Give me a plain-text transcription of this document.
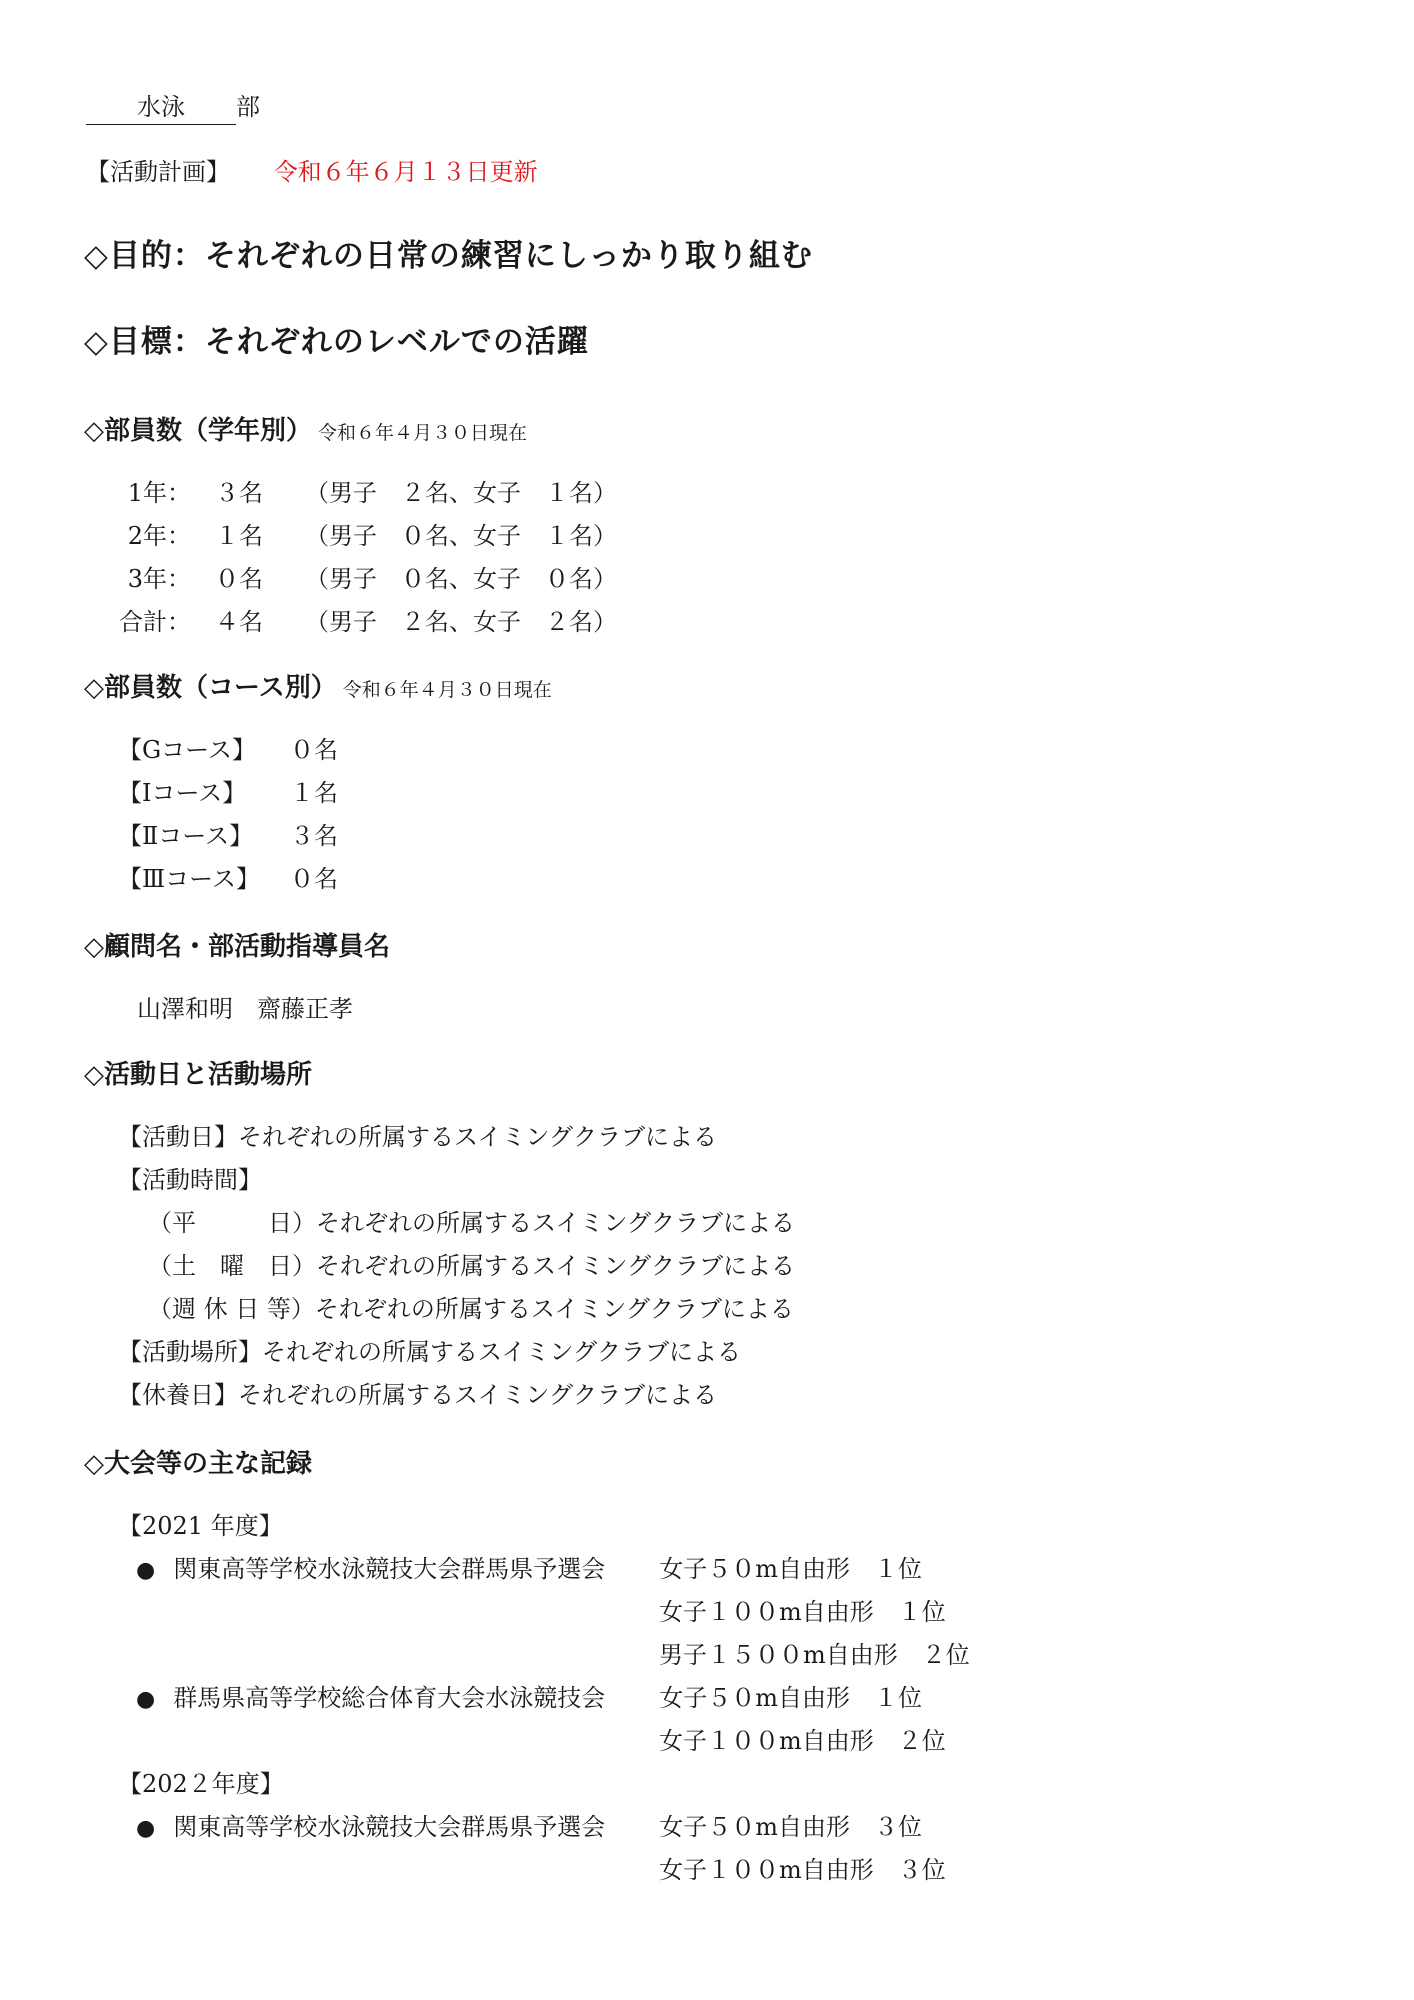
水泳 部
【活動計画】 令和６年６月１３日更新
◇目的：それぞれの日常の練習にしっかり取り組む
◇目標：それぞれのレベルでの活躍
◇部員数（学年別） 令和６年４月３０日現在
1年：	３名	（男子　２名、女子　１名）
2年：	１名	（男子　０名、女子　１名）
3年：	０名	（男子　０名、女子　０名）
合計：	４名	（男子　２名、女子　２名）
◇部員数（コース別） 令和６年４月３０日現在
【Gコース】	０名
【Ⅰコース】	１名
【Ⅱコース】	３名
【Ⅲコース】	０名
◇顧問名・部活動指導員名
山澤和明　齋藤正孝
◇活動日と活動場所
【活動日】それぞれの所属するスイミングクラブによる
【活動時間】
（平　　　日）それぞれの所属するスイミングクラブによる
（土　曜　日）それぞれの所属するスイミングクラブによる
（週 休 日 等）それぞれの所属するスイミングクラブによる
【活動場所】それぞれの所属するスイミングクラブによる
【休養日】それぞれの所属するスイミングクラブによる
◇大会等の主な記録
【2021 年度】
● 関東高等学校水泳競技大会群馬県予選会 女子５０m自由形　１位
女子１００m自由形　１位
男子１５００m自由形　２位
● 群馬県高等学校総合体育大会水泳競技会 女子５０m自由形　１位
女子１００m自由形　２位
【202２年度】
● 関東高等学校水泳競技大会群馬県予選会 女子５０m自由形　３位
女子１００m自由形　３位
